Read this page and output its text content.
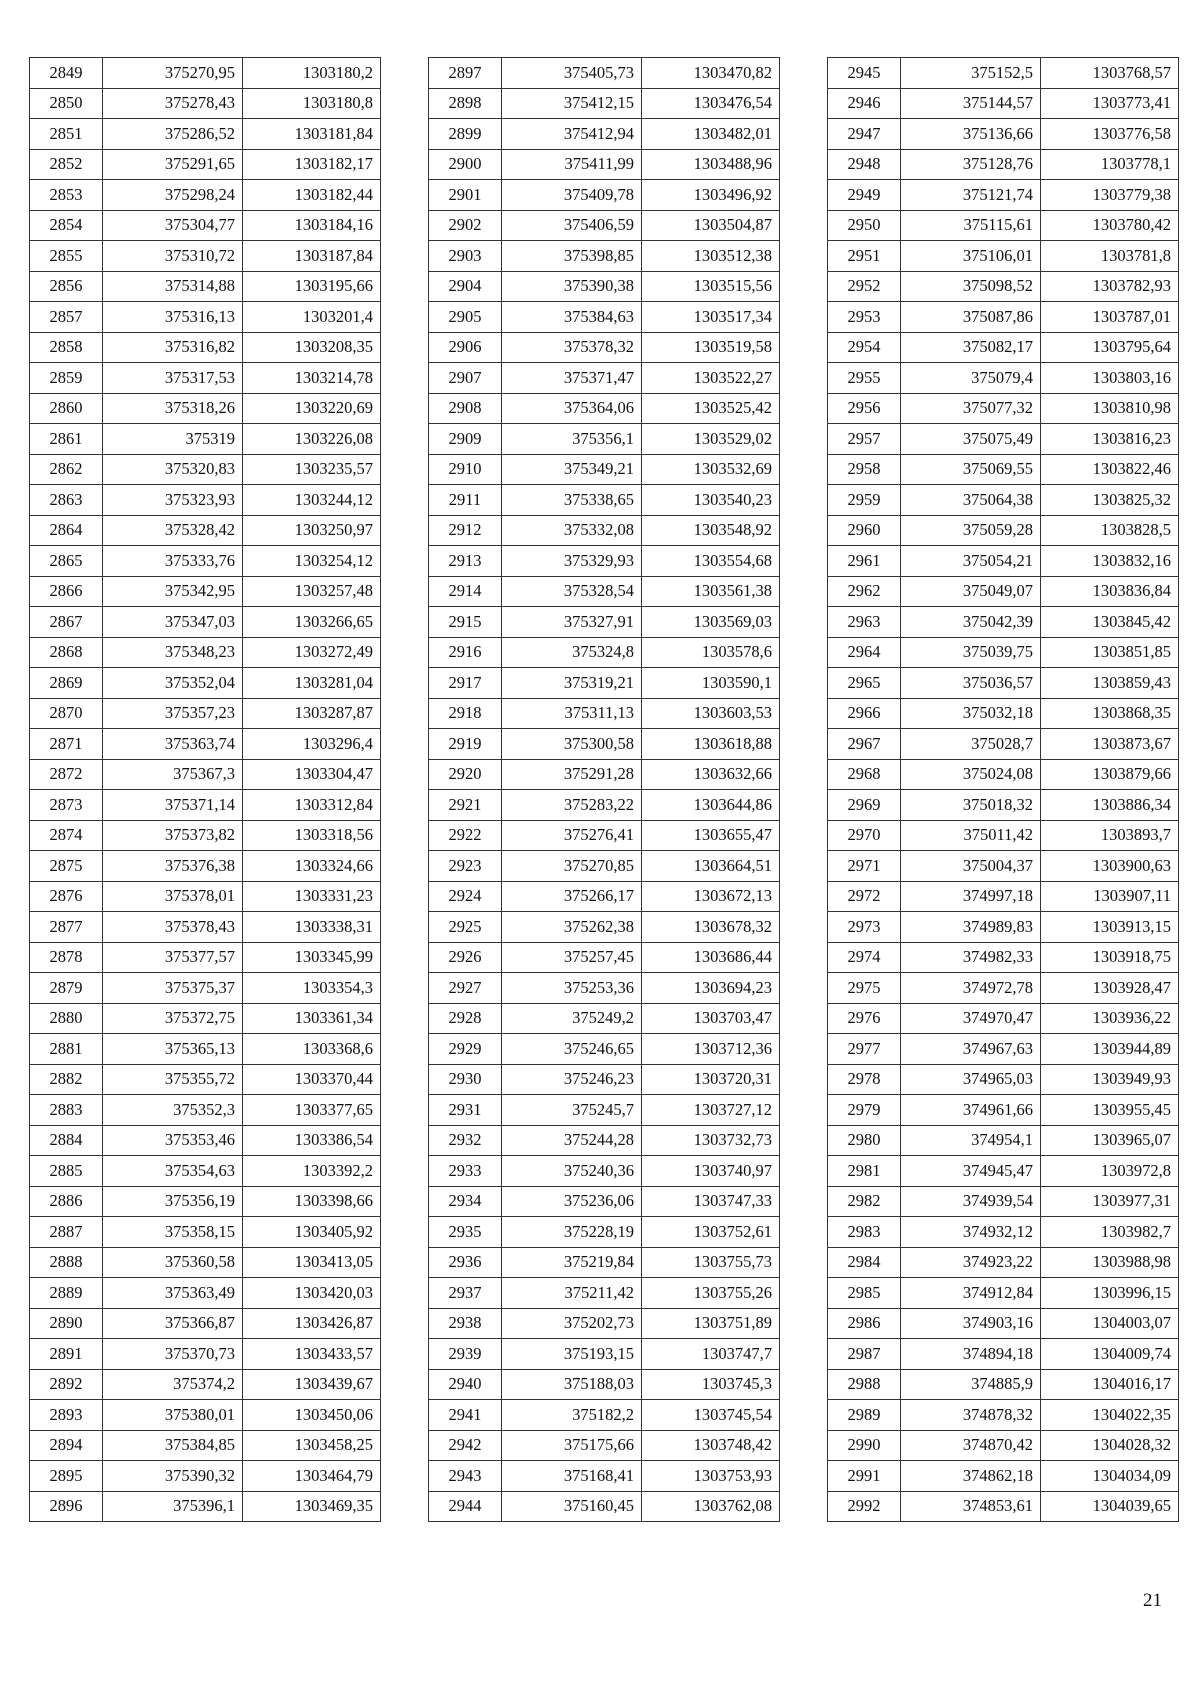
2849	375270,95	1303180,2
2850	375278,43	1303180,8
2851	375286,52	1303181,84
2852	375291,65	1303182,17
2853	375298,24	1303182,44
2854	375304,77	1303184,16
2855	375310,72	1303187,84
2856	375314,88	1303195,66
2857	375316,13	1303201,4
2858	375316,82	1303208,35
2859	375317,53	1303214,78
2860	375318,26	1303220,69
2861	375319	1303226,08
2862	375320,83	1303235,57
2863	375323,93	1303244,12
2864	375328,42	1303250,97
2865	375333,76	1303254,12
2866	375342,95	1303257,48
2867	375347,03	1303266,65
2868	375348,23	1303272,49
2869	375352,04	1303281,04
2870	375357,23	1303287,87
2871	375363,74	1303296,4
2872	375367,3	1303304,47
2873	375371,14	1303312,84
2874	375373,82	1303318,56
2875	375376,38	1303324,66
2876	375378,01	1303331,23
2877	375378,43	1303338,31
2878	375377,57	1303345,99
2879	375375,37	1303354,3
2880	375372,75	1303361,34
2881	375365,13	1303368,6
2882	375355,72	1303370,44
2883	375352,3	1303377,65
2884	375353,46	1303386,54
2885	375354,63	1303392,2
2886	375356,19	1303398,66
2887	375358,15	1303405,92
2888	375360,58	1303413,05
2889	375363,49	1303420,03
2890	375366,87	1303426,87
2891	375370,73	1303433,57
2892	375374,2	1303439,67
2893	375380,01	1303450,06
2894	375384,85	1303458,25
2895	375390,32	1303464,79
2896	375396,1	1303469,35
2897	375405,73	1303470,82
2898	375412,15	1303476,54
2899	375412,94	1303482,01
2900	375411,99	1303488,96
2901	375409,78	1303496,92
2902	375406,59	1303504,87
2903	375398,85	1303512,38
2904	375390,38	1303515,56
2905	375384,63	1303517,34
2906	375378,32	1303519,58
2907	375371,47	1303522,27
2908	375364,06	1303525,42
2909	375356,1	1303529,02
2910	375349,21	1303532,69
2911	375338,65	1303540,23
2912	375332,08	1303548,92
2913	375329,93	1303554,68
2914	375328,54	1303561,38
2915	375327,91	1303569,03
2916	375324,8	1303578,6
2917	375319,21	1303590,1
2918	375311,13	1303603,53
2919	375300,58	1303618,88
2920	375291,28	1303632,66
2921	375283,22	1303644,86
2922	375276,41	1303655,47
2923	375270,85	1303664,51
2924	375266,17	1303672,13
2925	375262,38	1303678,32
2926	375257,45	1303686,44
2927	375253,36	1303694,23
2928	375249,2	1303703,47
2929	375246,65	1303712,36
2930	375246,23	1303720,31
2931	375245,7	1303727,12
2932	375244,28	1303732,73
2933	375240,36	1303740,97
2934	375236,06	1303747,33
2935	375228,19	1303752,61
2936	375219,84	1303755,73
2937	375211,42	1303755,26
2938	375202,73	1303751,89
2939	375193,15	1303747,7
2940	375188,03	1303745,3
2941	375182,2	1303745,54
2942	375175,66	1303748,42
2943	375168,41	1303753,93
2944	375160,45	1303762,08
2945	375152,5	1303768,57
2946	375144,57	1303773,41
2947	375136,66	1303776,58
2948	375128,76	1303778,1
2949	375121,74	1303779,38
2950	375115,61	1303780,42
2951	375106,01	1303781,8
2952	375098,52	1303782,93
2953	375087,86	1303787,01
2954	375082,17	1303795,64
2955	375079,4	1303803,16
2956	375077,32	1303810,98
2957	375075,49	1303816,23
2958	375069,55	1303822,46
2959	375064,38	1303825,32
2960	375059,28	1303828,5
2961	375054,21	1303832,16
2962	375049,07	1303836,84
2963	375042,39	1303845,42
2964	375039,75	1303851,85
2965	375036,57	1303859,43
2966	375032,18	1303868,35
2967	375028,7	1303873,67
2968	375024,08	1303879,66
2969	375018,32	1303886,34
2970	375011,42	1303893,7
2971	375004,37	1303900,63
2972	374997,18	1303907,11
2973	374989,83	1303913,15
2974	374982,33	1303918,75
2975	374972,78	1303928,47
2976	374970,47	1303936,22
2977	374967,63	1303944,89
2978	374965,03	1303949,93
2979	374961,66	1303955,45
2980	374954,1	1303965,07
2981	374945,47	1303972,8
2982	374939,54	1303977,31
2983	374932,12	1303982,7
2984	374923,22	1303988,98
2985	374912,84	1303996,15
2986	374903,16	1304003,07
2987	374894,18	1304009,74
2988	374885,9	1304016,17
2989	374878,32	1304022,35
2990	374870,42	1304028,32
2991	374862,18	1304034,09
2992	374853,61	1304039,65
21
